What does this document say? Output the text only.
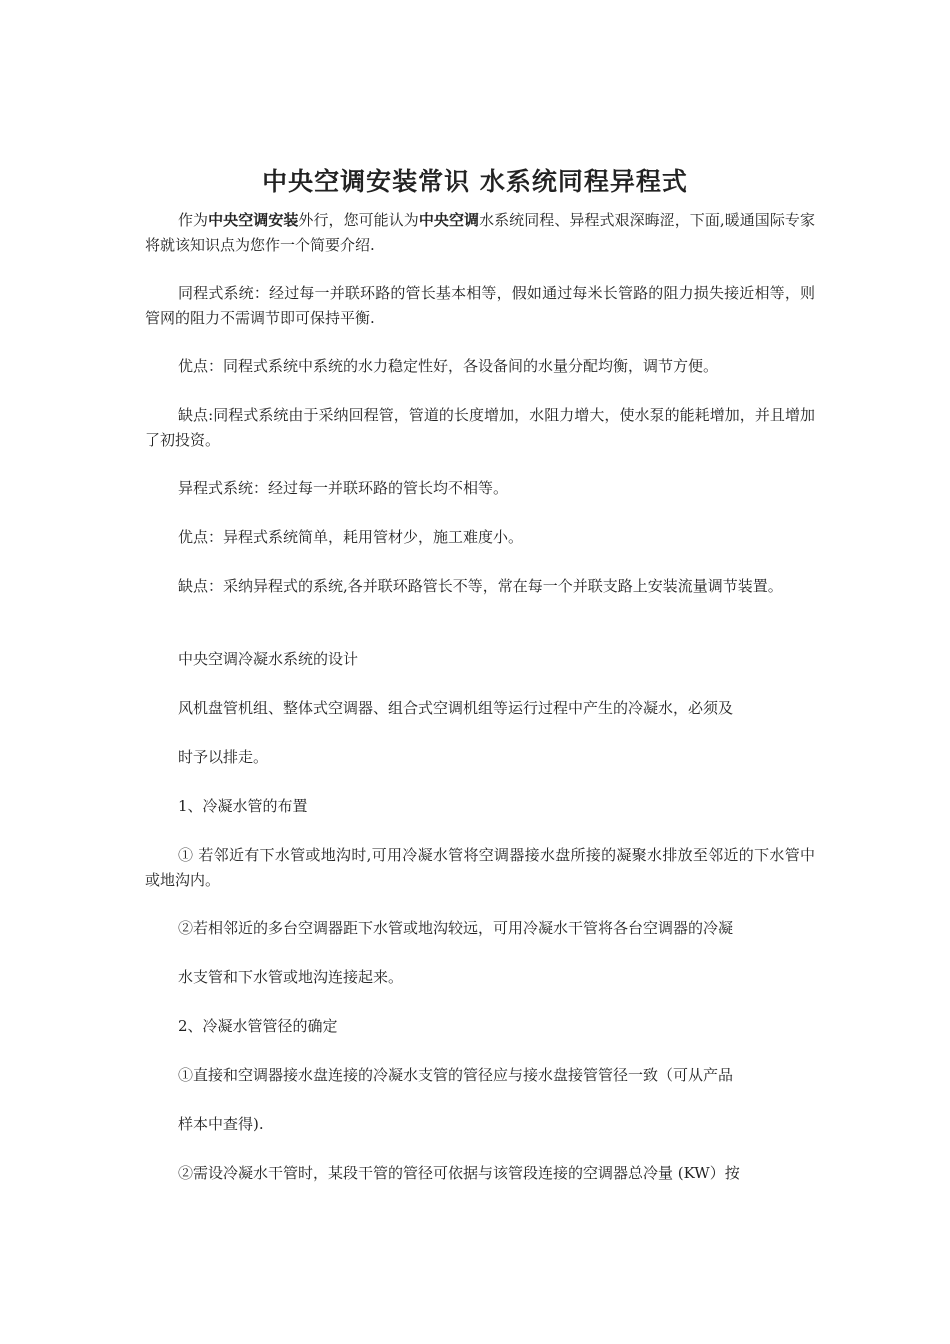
中央空调安装常识 水系统同程异程式

作为中央空调安装外行，您可能认为中央空调水系统同程、异程式艰深晦涩，下面,暖通国际专家将就该知识点为您作一个简要介绍.

同程式系统：经过每一并联环路的管长基本相等，假如通过每米长管路的阻力损失接近相等，则管网的阻力不需调节即可保持平衡.

优点：同程式系统中系统的水力稳定性好，各设备间的水量分配均衡，调节方便。

缺点:同程式系统由于采纳回程管，管道的长度增加，水阻力增大，使水泵的能耗增加，并且增加了初投资。

异程式系统：经过每一并联环路的管长均不相等。

优点：异程式系统简单，耗用管材少，施工难度小。

缺点：采纳异程式的系统,各并联环路管长不等，常在每一个并联支路上安装流量调节装置。

中央空调冷凝水系统的设计

风机盘管机组、整体式空调器、组合式空调机组等运行过程中产生的冷凝水，必须及

时予以排走。

1、冷凝水管的布置

① 若邻近有下水管或地沟时,可用冷凝水管将空调器接水盘所接的凝聚水排放至邻近的下水管中或地沟内。

②若相邻近的多台空调器距下水管或地沟较远，可用冷凝水干管将各台空调器的冷凝

水支管和下水管或地沟连接起来。

2、冷凝水管管径的确定

①直接和空调器接水盘连接的冷凝水支管的管径应与接水盘接管管径一致（可从产品

样本中查得).

②需设冷凝水干管时，某段干管的管径可依据与该管段连接的空调器总冷量 (KW）按
